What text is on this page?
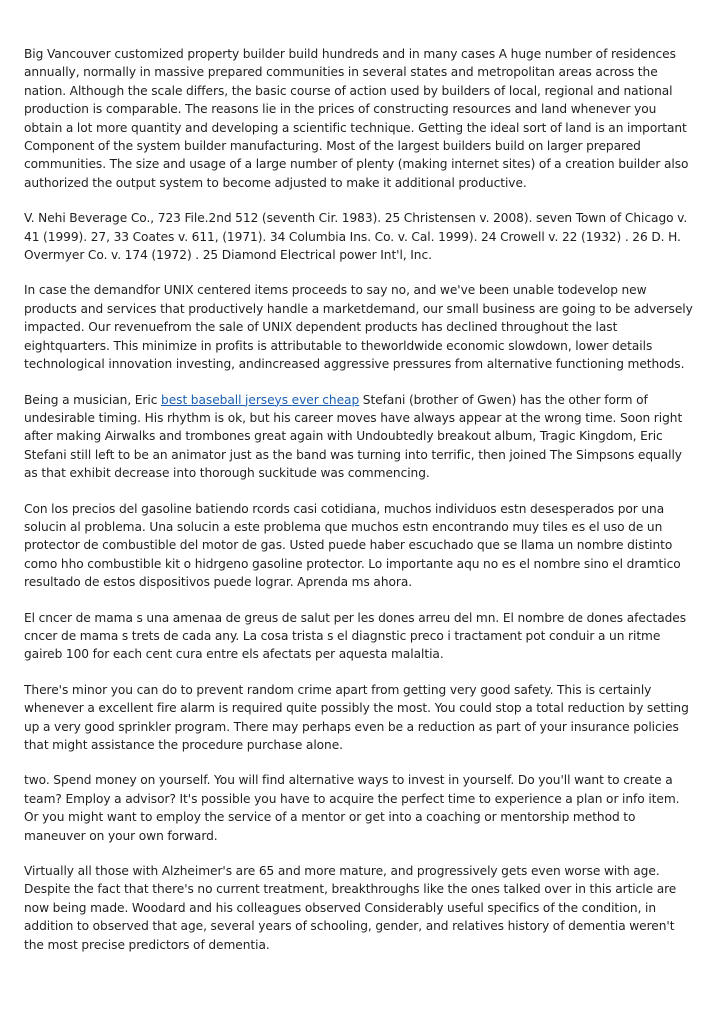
Big Vancouver customized property builder build hundreds and in many cases A huge number of residences annually, normally in massive prepared communities in several states and metropolitan areas across the nation. Although the scale differs, the basic course of action used by builders of local, regional and national production is comparable. The reasons lie in the prices of constructing resources and land whenever you obtain a lot more quantity and developing a scientific technique. Getting the ideal sort of land is an important Component of the system builder manufacturing. Most of the largest builders build on larger prepared communities. The size and usage of a large number of plenty (making internet sites) of a creation builder also authorized the output system to become adjusted to make it additional productive.

V. Nehi Beverage Co., 723 File.2nd 512 (seventh Cir. 1983). 25 Christensen v. 2008). seven Town of Chicago v. 41 (1999). 27, 33 Coates v. 611, (1971). 34 Columbia Ins. Co. v. Cal. 1999). 24 Crowell v. 22 (1932) . 26 D. H. Overmyer Co. v. 174 (1972) . 25 Diamond Electrical power Int'l, Inc.

In case the demandfor UNIX centered items proceeds to say no, and we've been unable todevelop new products and services that productively handle a marketdemand, our small business are going to be adversely impacted. Our revenuefrom the sale of UNIX dependent products has declined throughout the last eightquarters. This minimize in profits is attributable to theworldwide economic slowdown, lower details technological innovation investing, andincreased aggressive pressures from alternative functioning methods.

Being a musician, Eric best baseball jerseys ever cheap Stefani (brother of Gwen) has the other form of undesirable timing. His rhythm is ok, but his career moves have always appear at the wrong time. Soon right after making Airwalks and trombones great again with Undoubtedly breakout album, Tragic Kingdom, Eric Stefani still left to be an animator just as the band was turning into terrific, then joined The Simpsons equally as that exhibit decrease into thorough suckitude was commencing.

Con los precios del gasoline batiendo rcords casi cotidiana, muchos individuos estn desesperados por una solucin al problema. Una solucin a este problema que muchos estn encontrando muy tiles es el uso de un protector de combustible del motor de gas. Usted puede haber escuchado que se llama un nombre distinto como hho combustible kit o hidrgeno gasoline protector. Lo importante aqu no es el nombre sino el dramtico resultado de estos dispositivos puede lograr. Aprenda ms ahora.

El cncer de mama s una amenaa de greus de salut per les dones arreu del mn. El nombre de dones afectades cncer de mama s trets de cada any. La cosa trista s el diagnstic preco i tractament pot conduir a un ritme gaireb 100 for each cent cura entre els afectats per aquesta malaltia.

There's minor you can do to prevent random crime apart from getting very good safety. This is certainly whenever a excellent fire alarm is required quite possibly the most. You could stop a total reduction by setting up a very good sprinkler program. There may perhaps even be a reduction as part of your insurance policies that might assistance the procedure purchase alone.

two. Spend money on yourself. You will find alternative ways to invest in yourself. Do you'll want to create a team? Employ a advisor? It's possible you have to acquire the perfect time to experience a plan or info item. Or you might want to employ the service of a mentor or get into a coaching or mentorship method to maneuver on your own forward.

Virtually all those with Alzheimer's are 65 and more mature, and progressively gets even worse with age. Despite the fact that there's no current treatment, breakthroughs like the ones talked over in this article are now being made. Woodard and his colleagues observed Considerably useful specifics of the condition, in addition to observed that age, several years of schooling, gender, and relatives history of dementia weren't the most precise predictors of dementia.
